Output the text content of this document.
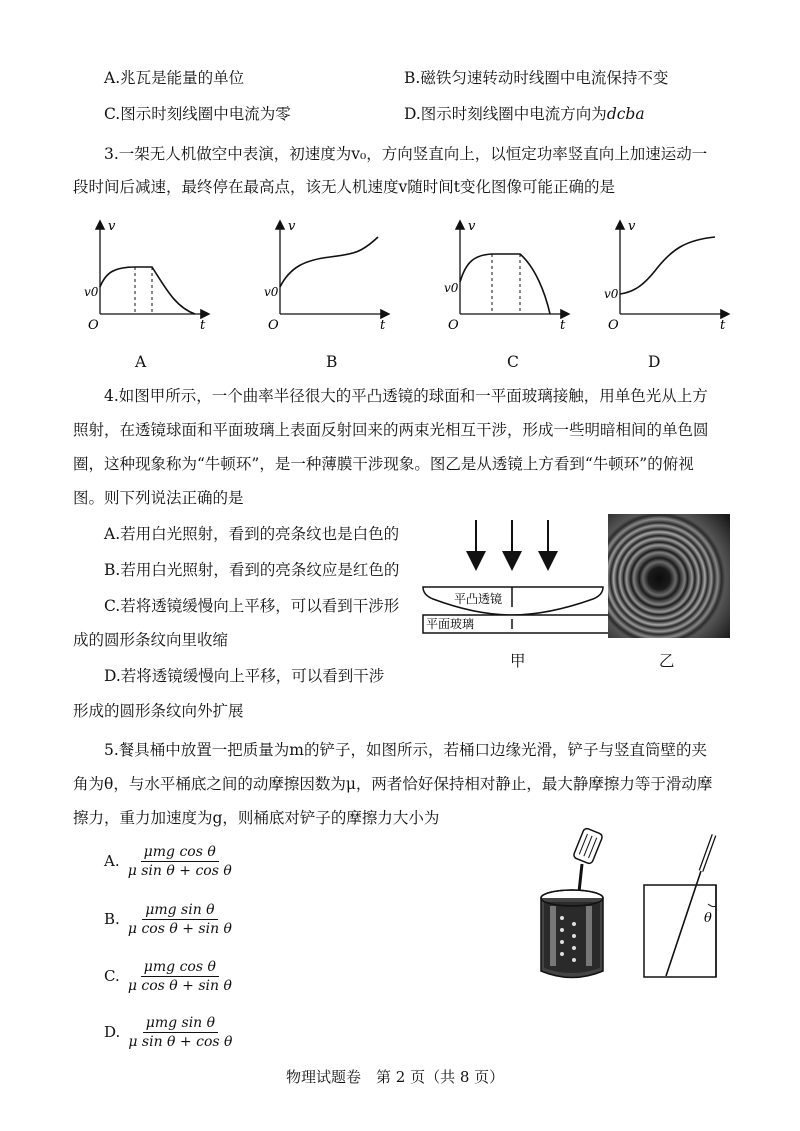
A.兆瓦是能量的单位	B.磁铁匀速转动时线圈中电流保持不变
C.图示时刻线圈中电流为零	D.图示时刻线圈中电流方向为dcba
3.一架无人机做空中表演，初速度为v₀，方向竖直向上，以恒定功率竖直向上加速运动一
段时间后减速，最终停在最高点，该无人机速度v随时间t变化图像可能正确的是
v
v0
O	t
v
v0
O	t
v
v0
O	t
v
v0
O	t
A	B	C	D
4.如图甲所示，一个曲率半径很大的平凸透镜的球面和一平面玻璃接触，用单色光从上方
照射，在透镜球面和平面玻璃上表面反射回来的两束光相互干涉，形成一些明暗相间的单色圆
圈，这种现象称为“牛顿环”，是一种薄膜干涉现象。图乙是从透镜上方看到“牛顿环”的俯视
图。则下列说法正确的是
A.若用白光照射，看到的亮条纹也是白色的
B.若用白光照射，看到的亮条纹应是红色的
C.若将透镜缓慢向上平移，可以看到干涉形
成的圆形条纹向里收缩
D.若将透镜缓慢向上平移，可以看到干涉
形成的圆形条纹向外扩展
平凸透镜
平面玻璃
甲	乙
5.餐具桶中放置一把质量为m的铲子，如图所示，若桶口边缘光滑，铲子与竖直筒壁的夹
角为θ，与水平桶底之间的动摩擦因数为μ，两者恰好保持相对静止，最大静摩擦力等于滑动摩
擦力，重力加速度为g，则桶底对铲子的摩擦力大小为
A. $\frac{\text{μmg cos θ}}{\text{μ sin θ + cos θ}}$
B. $\frac{\text{μmg sin θ}}{\text{μ cos θ + sin θ}}$
C. $\frac{\text{μmg cos θ}}{\text{μ cos θ + sin θ}}$
D. $\frac{\text{μmg sin θ}}{\text{μ sin θ + cos θ}}$
θ
物理试题卷　第 2 页（共 8 页）
